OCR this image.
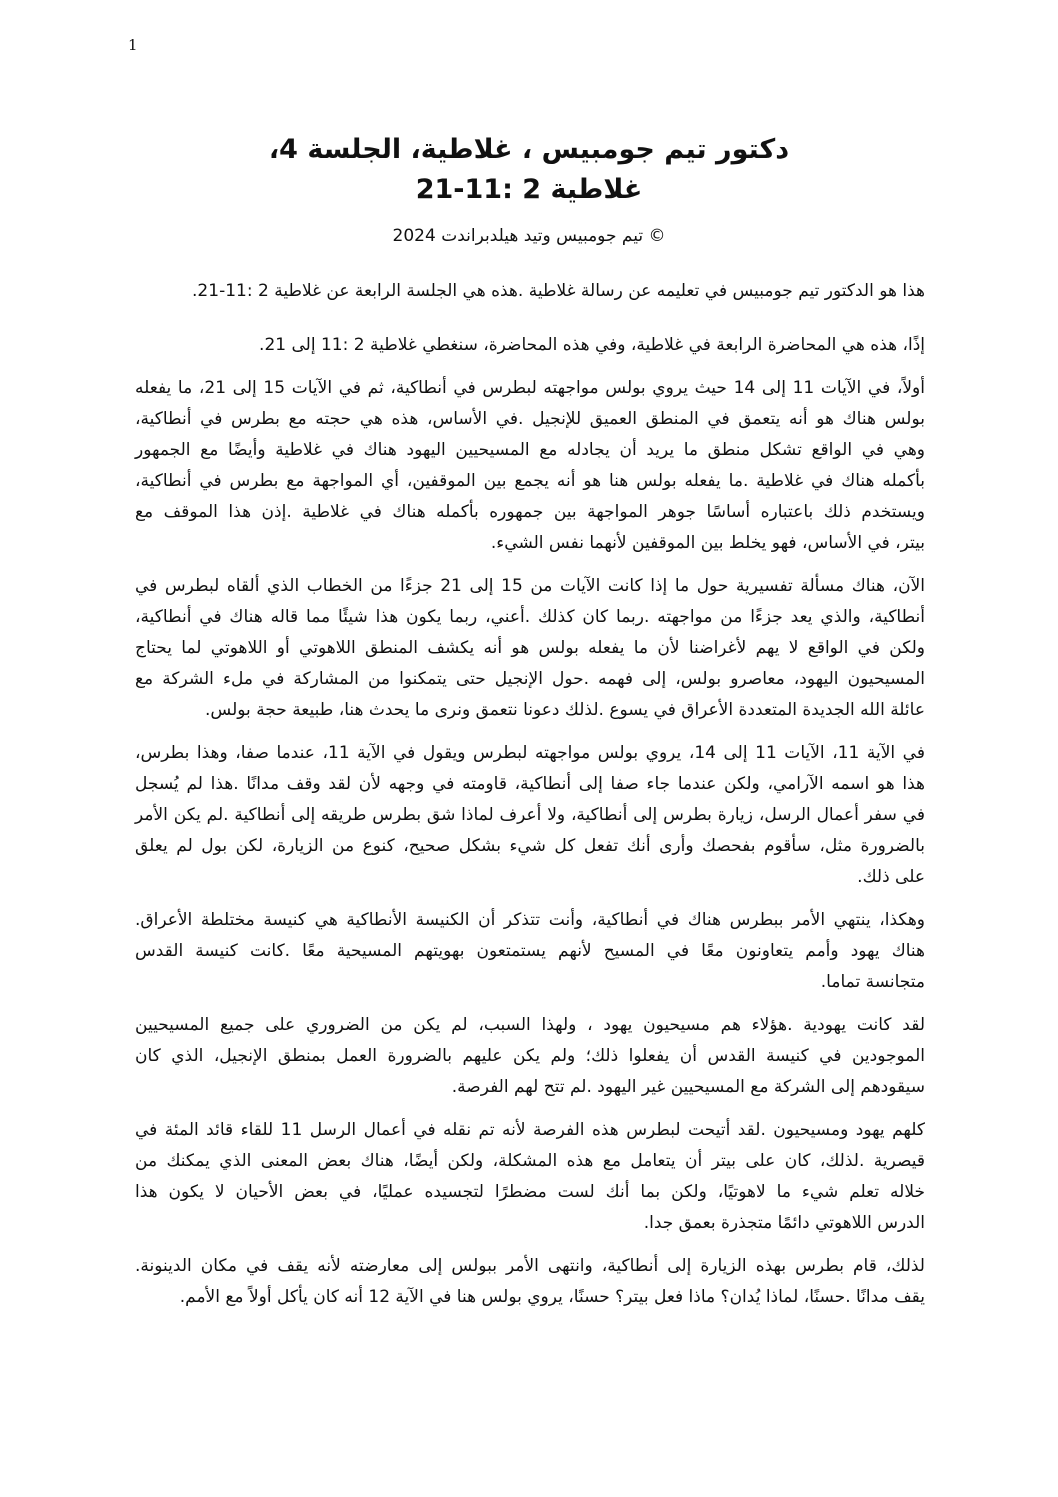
1
،دكتور تيم جومبيس ، غلاطية، الجلسة 4
غلاطية 2 :11-21
تيم جومبيس وتيد هيلدبراندت 2024 ©
.هذا هو الدكتور تيم جومبيس في تعليمه عن رسالة غلاطية .هذه هي الجلسة الرابعة عن غلاطية 2 :11-21
.إذًا، هذه هي المحاضرة الرابعة في غلاطية، وفي هذه المحاضرة، سنغطي غلاطية 2 :11 إلى 21
أولاً، في الآيات 11 إلى 14 حيث يروي بولس مواجهته لبطرس في أنطاكية، ثم في الآيات 15 إلى 21، ما يفعله
،بولس هناك هو أنه يتعمق في المنطق العميق للإنجيل .في الأساس، هذه هي حجته مع بطرس في أنطاكية
وهي في الواقع تشكل منطق ما يريد أن يجادله مع المسيحيين اليهود هناك في غلاطية وأيضًا مع الجمهور
،بأكمله هناك في غلاطية .ما يفعله بولس هنا هو أنه يجمع بين الموقفين، أي المواجهة مع بطرس في أنطاكية
ويستخدم ذلك باعتباره أساسًا جوهر المواجهة بين جمهوره بأكمله هناك في غلاطية .إذن هذا الموقف مع
.بيتر، في الأساس، فهو يخلط بين الموقفين لأنهما نفس الشيء
الآن، هناك مسألة تفسيرية حول ما إذا كانت الآيات من 15 إلى 21 جزءًا من الخطاب الذي ألقاه لبطرس في
،أنطاكية، والذي يعد جزءًا من مواجهته .ربما كان كذلك .أعني، ربما يكون هذا شيئًا مما قاله هناك في أنطاكية
ولكن في الواقع لا يهم لأغراضنا لأن ما يفعله بولس هو أنه يكشف المنطق اللاهوتي أو اللاهوتي لما يحتاج
المسيحيون اليهود، معاصرو بولس، إلى فهمه .حول الإنجيل حتى يتمكنوا من المشاركة في ملء الشركة مع
.عائلة الله الجديدة المتعددة الأعراق في يسوع .لذلك دعونا نتعمق ونرى ما يحدث هنا، طبيعة حجة بولس
،في الآية 11، الآيات 11 إلى 14، يروي بولس مواجهته لبطرس ويقول في الآية 11، عندما صفا، وهذا بطرس
هذا هو اسمه الآرامي، ولكن عندما جاء صفا إلى أنطاكية، قاومته في وجهه لأن لقد وقف مدانًا .هذا لم يُسجل
في سفر أعمال الرسل، زيارة بطرس إلى أنطاكية، ولا أعرف لماذا شق بطرس طريقه إلى أنطاكية .لم يكن الأمر
بالضرورة مثل، سأقوم بفحصك وأرى أنك تفعل كل شيء بشكل صحيح، كنوع من الزيارة، لكن بول لم يعلق
.على ذلك
.وهكذا، ينتهي الأمر ببطرس هناك في أنطاكية، وأنت تتذكر أن الكنيسة الأنطاكية هي كنيسة مختلطة الأعراق
هناك يهود وأمم يتعاونون معًا في المسيح لأنهم يستمتعون بهويتهم المسيحية معًا .كانت كنيسة القدس
.متجانسة تماما
لقد كانت يهودية .هؤلاء هم مسيحيون يهود ، ولهذا السبب، لم يكن من الضروري على جميع المسيحيين
الموجودين في كنيسة القدس أن يفعلوا ذلك؛ ولم يكن عليهم بالضرورة العمل بمنطق الإنجيل، الذي كان
.سيقودهم إلى الشركة مع المسيحيين غير اليهود .لم تتح لهم الفرصة
كلهم يهود ومسيحيون .لقد أتيحت لبطرس هذه الفرصة لأنه تم نقله في أعمال الرسل 11 للقاء قائد المئة في
قيصرية .لذلك، كان على بيتر أن يتعامل مع هذه المشكلة، ولكن أيضًا، هناك بعض المعنى الذي يمكنك من
خلاله تعلم شيء ما لاهوتيًا، ولكن بما أنك لست مضطرًا لتجسيده عمليًا، في بعض الأحيان لا يكون هذا
.الدرس اللاهوتي دائمًا متجذرة بعمق جدا
.لذلك، قام بطرس بهذه الزيارة إلى أنطاكية، وانتهى الأمر ببولس إلى معارضته لأنه يقف في مكان الدينونة
.يقف مدانًا .حسنًا، لماذا يُدان؟ ماذا فعل بيتر؟ حسنًا، يروي بولس هنا في الآية 12 أنه كان يأكل أولاً مع الأمم
